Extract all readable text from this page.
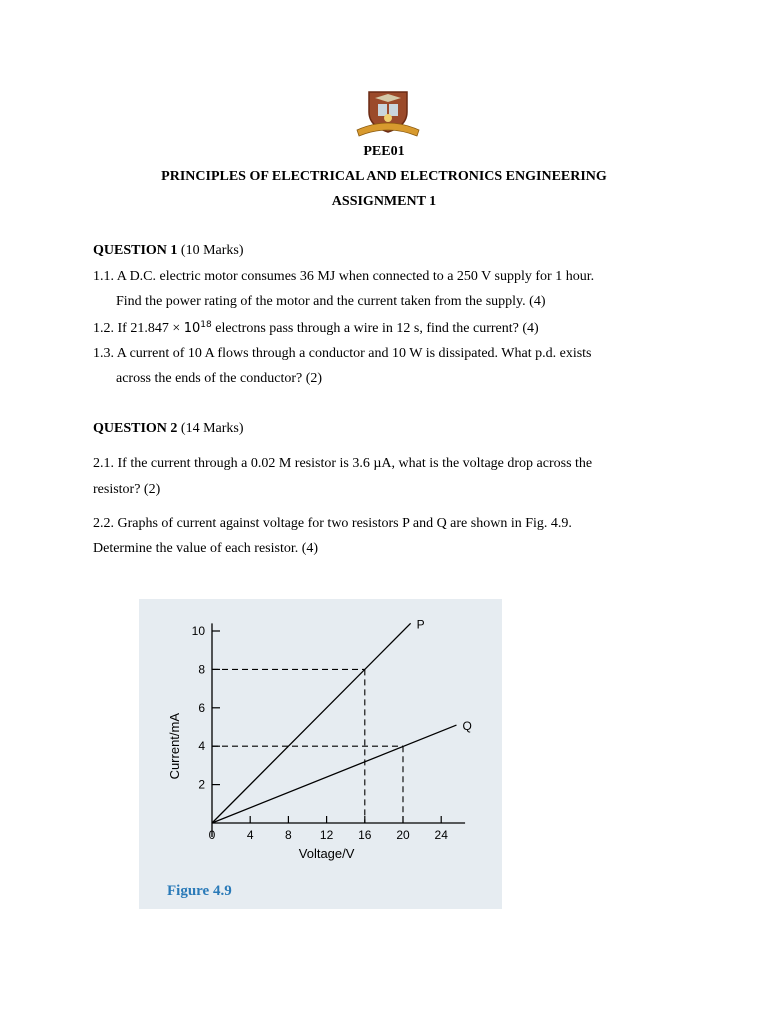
PEE01
PRINCIPLES OF ELECTRICAL AND ELECTRONICS ENGINEERING
ASSIGNMENT 1
QUESTION 1 (10 Marks)
1.1. A D.C. electric motor consumes 36 MJ when connected to a 250 V supply for 1 hour.
Find the power rating of the motor and the current taken from the supply. (4)
1.2. If $21.847 \times 10^{18}$ electrons pass through a wire in 12 s, find the current? (4)
1.3. A current of 10 A flows through a conductor and 10 W is dissipated. What p.d. exists
across the ends of the conductor? (2)
QUESTION 2 (14 Marks)
2.1. If the current through a 0.02 M resistor is 3.6 µA, what is the voltage drop across the
resistor? (2)
2.2. Graphs of current against voltage for two resistors P and Q are shown in Fig. 4.9.
Determine the value of each resistor. (4)
0	4	8 12 16 20 24
2
4
6
8
10
Voltage/V
Current/mA
P
Q
Figure 4.9
